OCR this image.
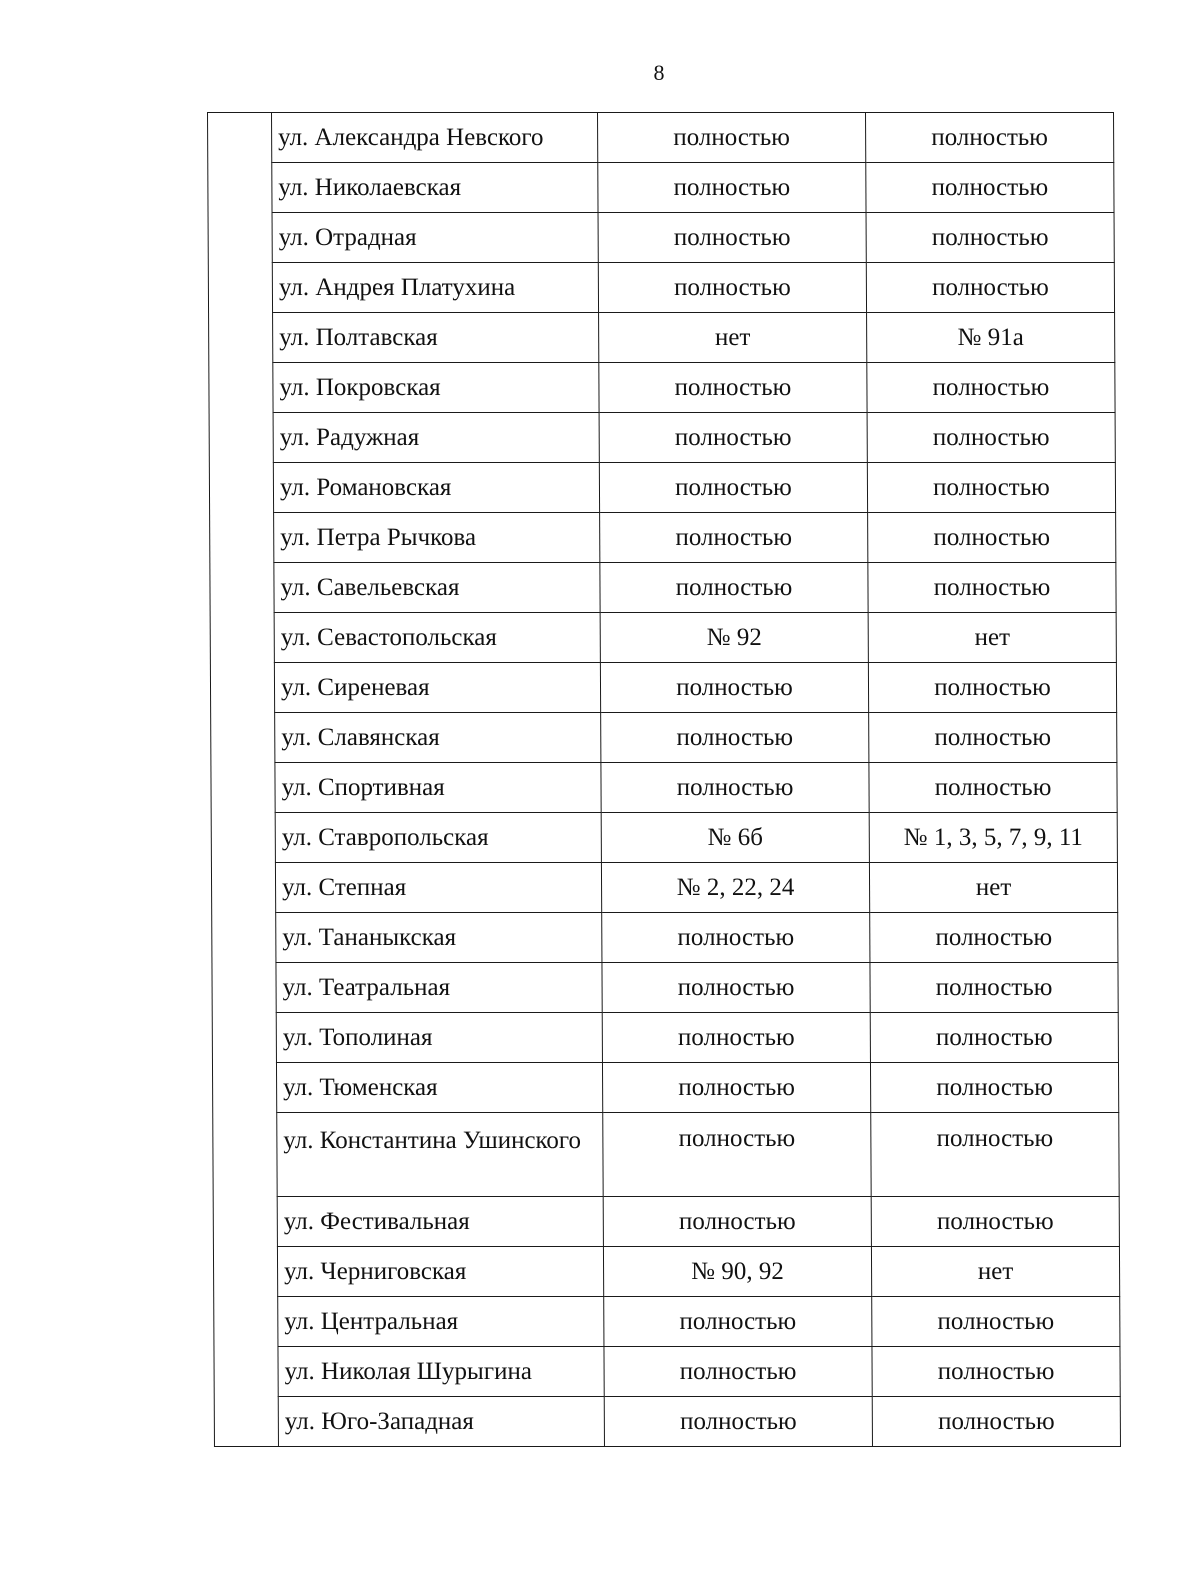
8
	ул. Александра Невского	полностью	полностью
	ул. Николаевская	полностью	полностью
	ул. Отрадная	полностью	полностью
	ул. Андрея Платухина	полностью	полностью
	ул. Полтавская	нет	№ 91а
	ул. Покровская	полностью	полностью
	ул. Радужная	полностью	полностью
	ул. Романовская	полностью	полностью
	ул. Петра Рычкова	полностью	полностью
	ул. Савельевская	полностью	полностью
	ул. Севастопольская	№ 92	нет
	ул. Сиреневая	полностью	полностью
	ул. Славянская	полностью	полностью
	ул. Спортивная	полностью	полностью
	ул. Ставропольская	№ 6б	№ 1, 3, 5, 7, 9, 11
	ул. Степная	№ 2, 22, 24	нет
	ул. Тананыкская	полностью	полностью
	ул. Театральная	полностью	полностью
	ул. Тополиная	полностью	полностью
	ул. Тюменская	полностью	полностью
	ул. Константина Ушинского	полностью	полностью
	ул. Фестивальная	полностью	полностью
	ул. Черниговская	№ 90, 92	нет
	ул. Центральная	полностью	полностью
	ул. Николая Шурыгина	полностью	полностью
	ул. Юго-Западная	полностью	полностью
